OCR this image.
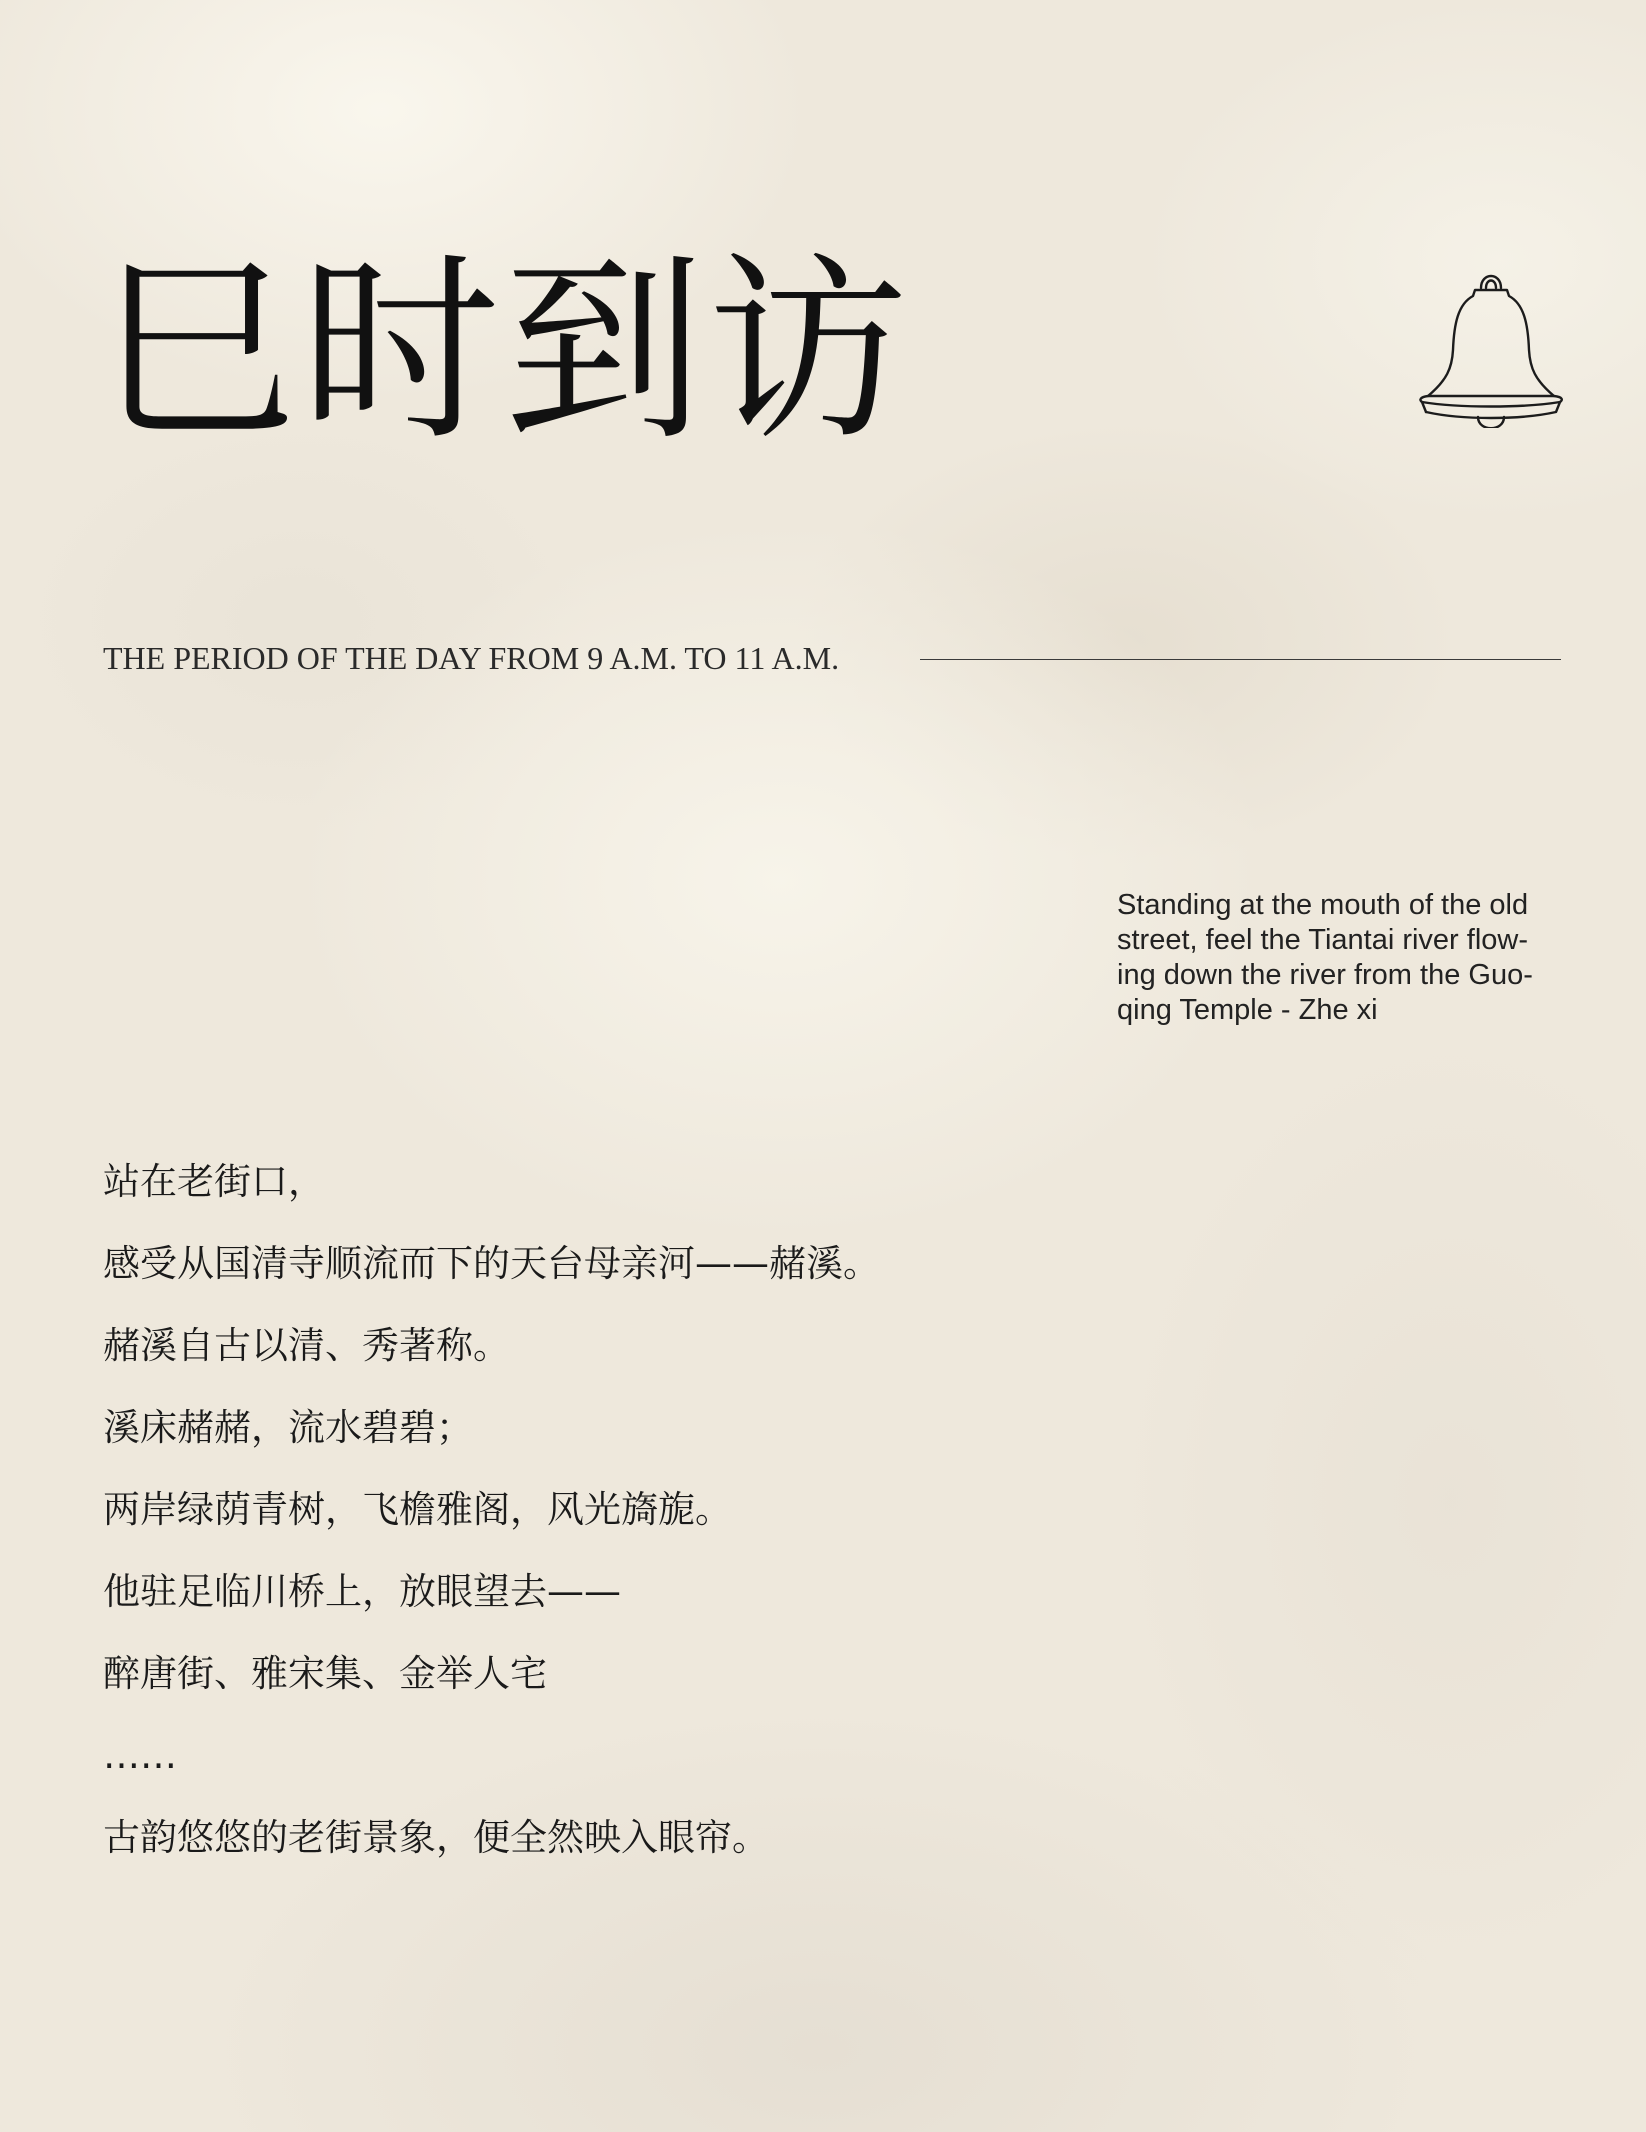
巳时到访

THE PERIOD OF THE DAY FROM 9 A.M. TO 11 A.M.

Standing at the mouth of the old
street, feel the Tiantai river flow-
ing down the river from the Guo-
qing Temple - Zhe xi

站在老街口，
感受从国清寺顺流而下的天台母亲河——赭溪。
赭溪自古以清、秀著称。
溪床赭赭，流水碧碧；
两岸绿荫青树，飞檐雅阁，风光旖旎。
他驻足临川桥上，放眼望去——
醉唐街、雅宋集、金举人宅
……
古韵悠悠的老街景象，便全然映入眼帘。
